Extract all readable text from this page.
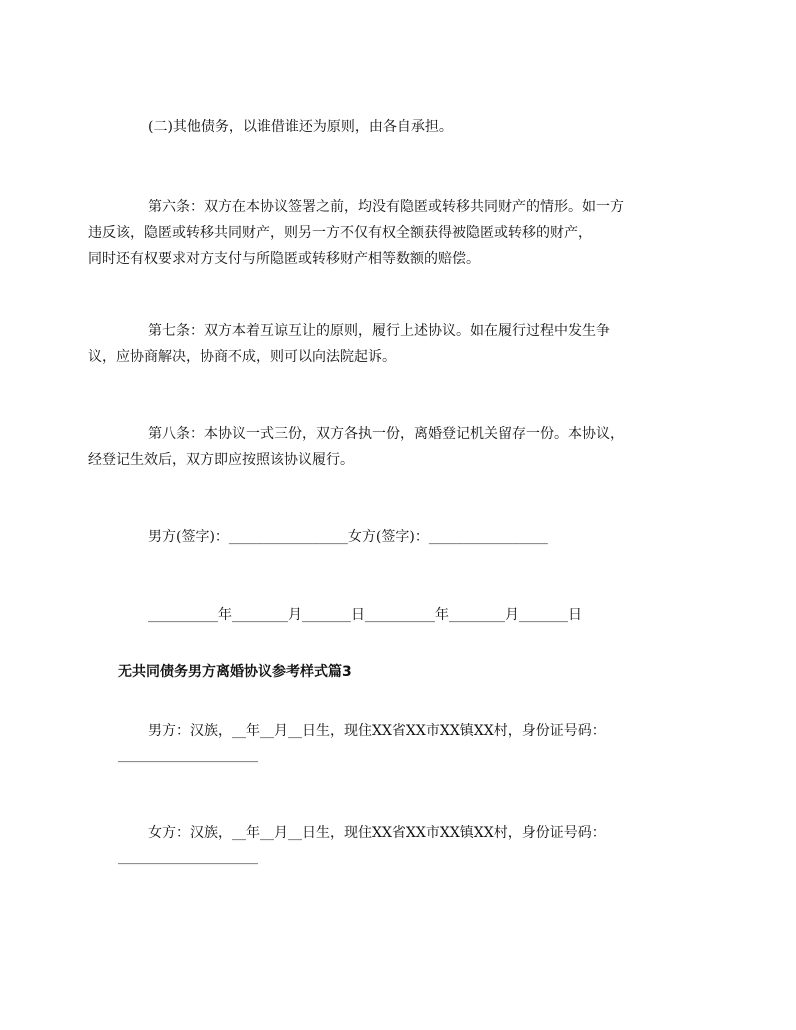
(二)其他债务，以谁借谁还为原则，由各自承担。

第六条：双方在本协议签署之前，均没有隐匿或转移共同财产的情形。如一方
违反该，隐匿或转移共同财产，则另一方不仅有权全额获得被隐匿或转移的财产，
同时还有权要求对方支付与所隐匿或转移财产相等数额的赔偿。

第七条：双方本着互谅互让的原则，履行上述协议。如在履行过程中发生争
议，应协商解决，协商不成，则可以向法院起诉。

第八条：本协议一式三份，双方各执一份，离婚登记机关留存一份。本协议，
经登记生效后，双方即应按照该协议履行。

男方(签字)：_________________女方(签字)：_________________

__________年________月_______日__________年________月_______日

无共同债务男方离婚协议参考样式篇3

男方：汉族，__年__月__日生，现住XX省XX市XX镇XX村，身份证号码：

____________________

女方：汉族，__年__月__日生，现住XX省XX市XX镇XX村，身份证号码：

____________________
